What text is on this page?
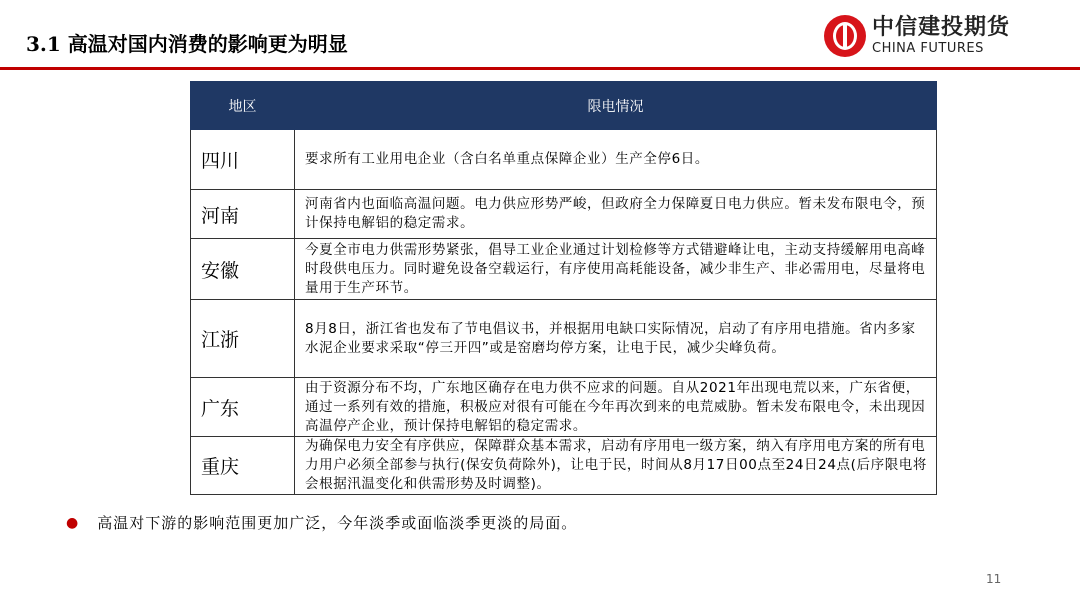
3.1 高温对国内消费的影响更为明显
中信建投期货
CHINA FUTURES
地区	限电情况
四川	要求所有工业用电企业（含白名单重点保障企业）生产全停6日。
河南	河南省内也面临高温问题。电力供应形势严峻，但政府全力保障夏日电力供应。暂未发布限电令，预计保持电解铝的稳定需求。
安徽	今夏全市电力供需形势紧张，倡导工业企业通过计划检修等方式错避峰让电，主动支持缓解用电高峰时段供电压力。同时避免设备空载运行，有序使用高耗能设备，减少非生产、非必需用电，尽量将电量用于生产环节。
江浙	8月8日，浙江省也发布了节电倡议书，并根据用电缺口实际情况，启动了有序用电措施。省内多家水泥企业要求采取“停三开四”或是窑磨均停方案，让电于民，减少尖峰负荷。
广东	由于资源分布不均，广东地区确存在电力供不应求的问题。自从2021年出现电荒以来，广东省便，通过一系列有效的措施，积极应对很有可能在今年再次到来的电荒威胁。暂未发布限电令，未出现因高温停产企业，预计保持电解铝的稳定需求。
重庆	为确保电力安全有序供应，保障群众基本需求，启动有序用电一级方案，纳入有序用电方案的所有电力用户必须全部参与执行(保安负荷除外)，让电于民，时间从8月17日00点至24日24点(后序限电将会根据汛温变化和供需形势及时调整)。
● 高温对下游的影响范围更加广泛，今年淡季或面临淡季更淡的局面。
11
